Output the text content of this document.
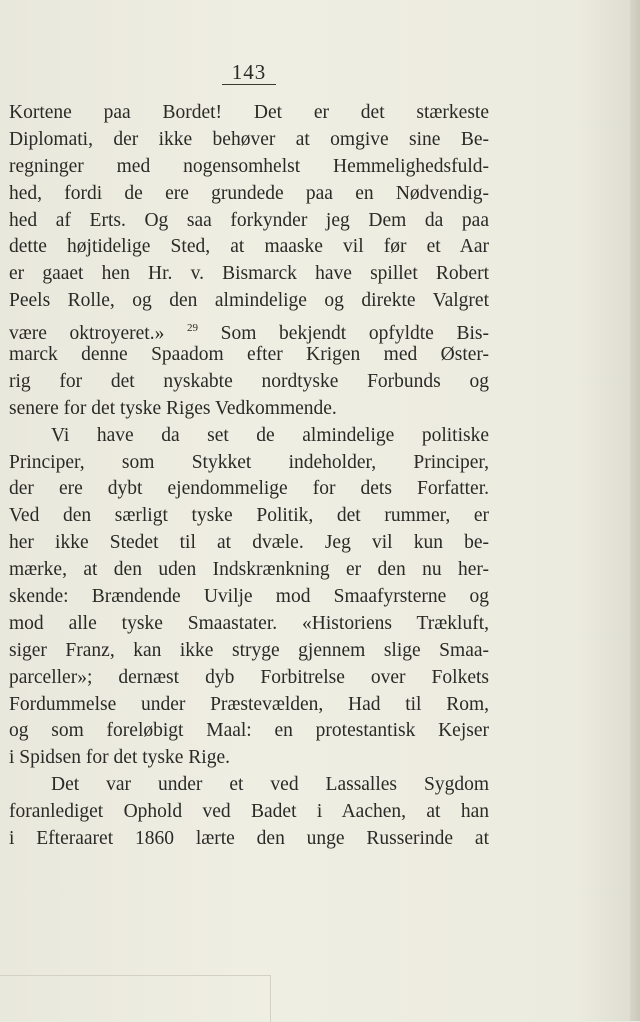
143
Kortene paa Bordet! Det er det stærkeste
Diplomati, der ikke behøver at omgive sine Be-
regninger med nogensomhelst Hemmelighedsfuld-
hed, fordi de ere grundede paa en Nødvendig-
hed af Erts. Og saa forkynder jeg Dem da paa
dette højtidelige Sted, at maaske vil før et Aar
er gaaet hen Hr. v. Bismarck have spillet Robert
Peels Rolle, og den almindelige og direkte Valgret
være oktroyeret.» $^{29}$ Som bekjendt opfyldte Bis-
marck denne Spaadom efter Krigen med Øster-
rig for det nyskabte nordtyske Forbunds og
senere for det tyske Riges Vedkommende.
Vi have da set de almindelige politiske
Principer, som Stykket indeholder, Principer,
der ere dybt ejendommelige for dets Forfatter.
Ved den særligt tyske Politik, det rummer, er
her ikke Stedet til at dvæle. Jeg vil kun be-
mærke, at den uden Indskrænkning er den nu her-
skende: Brændende Uvilje mod Smaafyrsterne og
mod alle tyske Smaastater. «Historiens Trækluft,
siger Franz, kan ikke stryge gjennem slige Smaa-
parceller»; dernæst dyb Forbitrelse over Folkets
Fordummelse under Præstevælden, Had til Rom,
og som foreløbigt Maal: en protestantisk Kejser
i Spidsen for det tyske Rige.
Det var under et ved Lassalles Sygdom
foranlediget Ophold ved Badet i Aachen, at han
i Efteraaret 1860 lærte den unge Russerinde at
